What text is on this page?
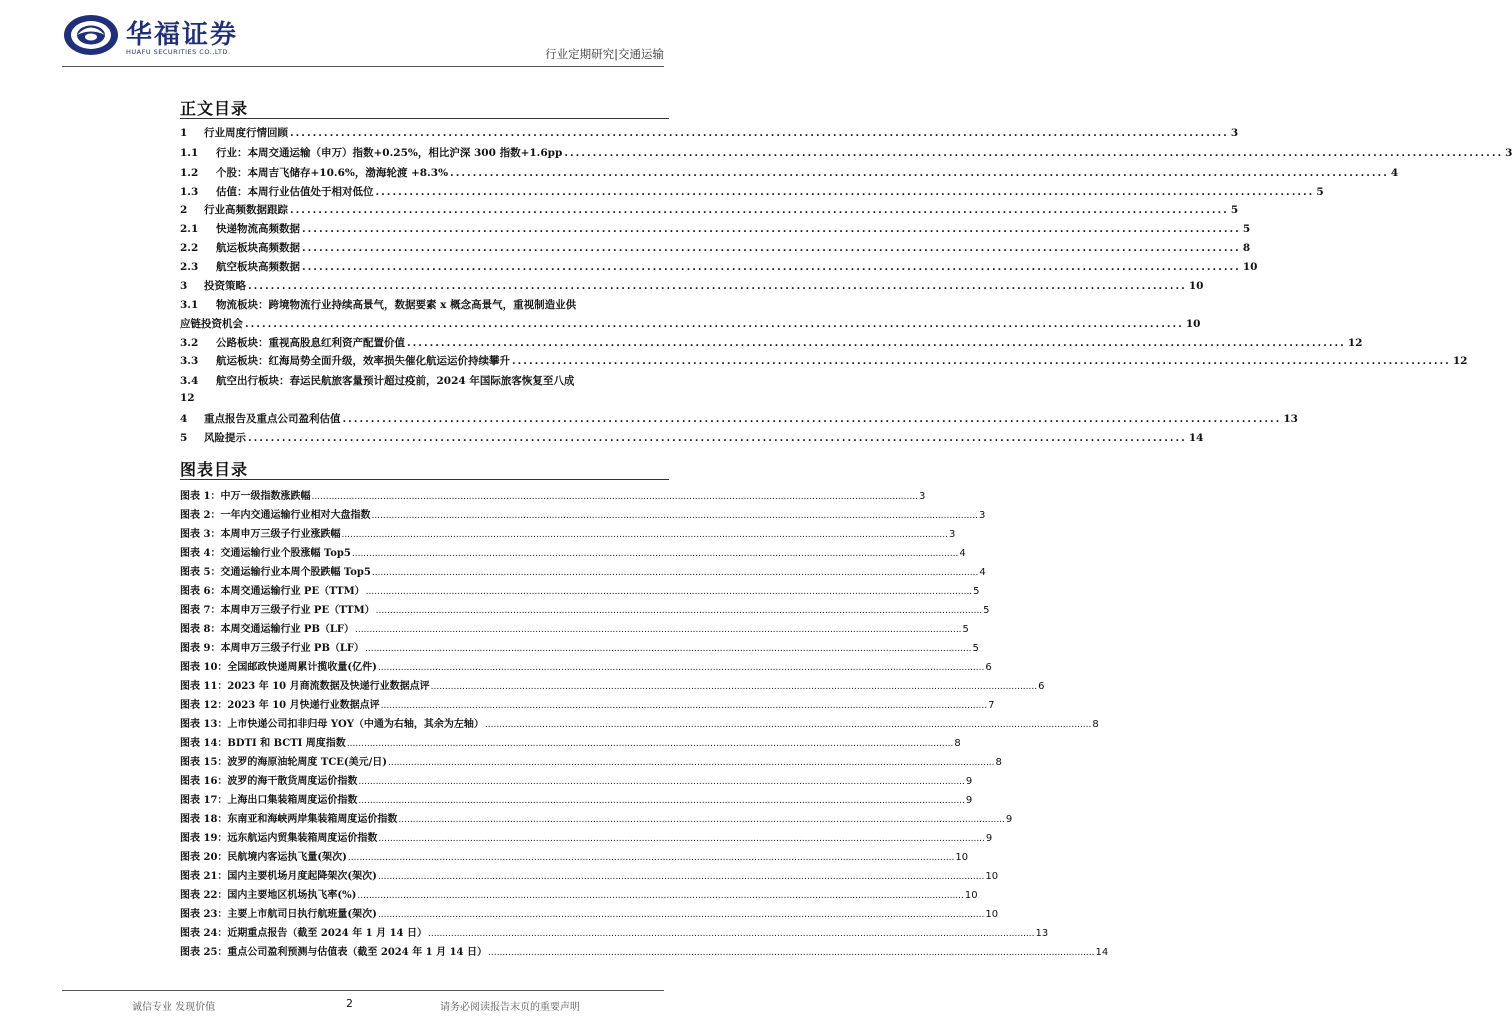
华福证券
HUAFU SECURITIES CO.,LTD.	行业定期研究|交通运输
正文目录
1	行业周度行情回顾 .....	3
1.1	行业：本周交通运输（申万）指数+0.25%，相比沪深 300 指数+1.6pp .....	3
1.2	个股：本周吉飞储存+10.6%，渤海轮渡 +8.3% .....	4
1.3	估值：本周行业估值处于相对低位 .....	5
2	行业高频数据跟踪 .....	5
2.1	快递物流高频数据 .....	5
2.2	航运板块高频数据 .....	8
2.3	航空板块高频数据 .....	10
3	投资策略 .....	10
3.1	物流板块：跨境物流行业持续高景气，数据要素 x 概念高景气，重视制造业供
应链投资机会 .....	10
3.2	公路板块：重视高股息红利资产配置价值 .....	12
3.3	航运板块：红海局势全面升级，效率损失催化航运运价持续攀升 .....	12
3.4	航空出行板块：春运民航旅客量预计超过疫前，2024 年国际旅客恢复至八成
12
4	重点报告及重点公司盈利估值 .....	13
5	风险提示 .....	14
图表目录
图表 1： 中万一级指数涨跌幅 .....	3
图表 2： 一年内交通运输行业相对大盘指数 .....	3
图表 3： 本周申万三级子行业涨跌幅 .....	3
图表 4： 交通运输行业个股涨幅 Top5 .....	4
图表 5： 交通运输行业本周个股跌幅 Top5 .....	4
图表 6： 本周交通运输行业 PE（TTM） .....	5
图表 7： 本周申万三级子行业 PE（TTM） .....	5
图表 8： 本周交通运输行业 PB（LF） .....	5
图表 9： 本周申万三级子行业 PB（LF） .....	5
图表 10： 全国邮政快递周累计揽收量(亿件) .....	6
图表 11： 2023 年 10 月商流数据及快递行业数据点评 .....	6
图表 12： 2023 年 10 月快递行业数据点评 .....	7
图表 13： 上市快递公司扣非归母 YOY（中通为右轴，其余为左轴） .....	8
图表 14： BDTI 和 BCTI 周度指数 .....	8
图表 15： 波罗的海原油轮周度 TCE(美元/日) .....	8
图表 16： 波罗的海干散货周度运价指数 .....	9
图表 17： 上海出口集装箱周度运价指数 .....	9
图表 18： 东南亚和海峡两岸集装箱周度运价指数 .....	9
图表 19： 远东航运内贸集装箱周度运价指数 .....	9
图表 20： 民航境内客运执飞量(架次) .....	10
图表 21： 国内主要机场月度起降架次(架次) .....	10
图表 22： 国内主要地区机场执飞率(%) .....	10
图表 23： 主要上市航司日执行航班量(架次) .....	10
图表 24： 近期重点报告（截至 2024 年 1 月 14 日） .....	13
图表 25： 重点公司盈利预测与估值表（截至 2024 年 1 月 14 日） .....	14
诚信专业 发现价值	2	请务必阅读报告末页的重要声明
